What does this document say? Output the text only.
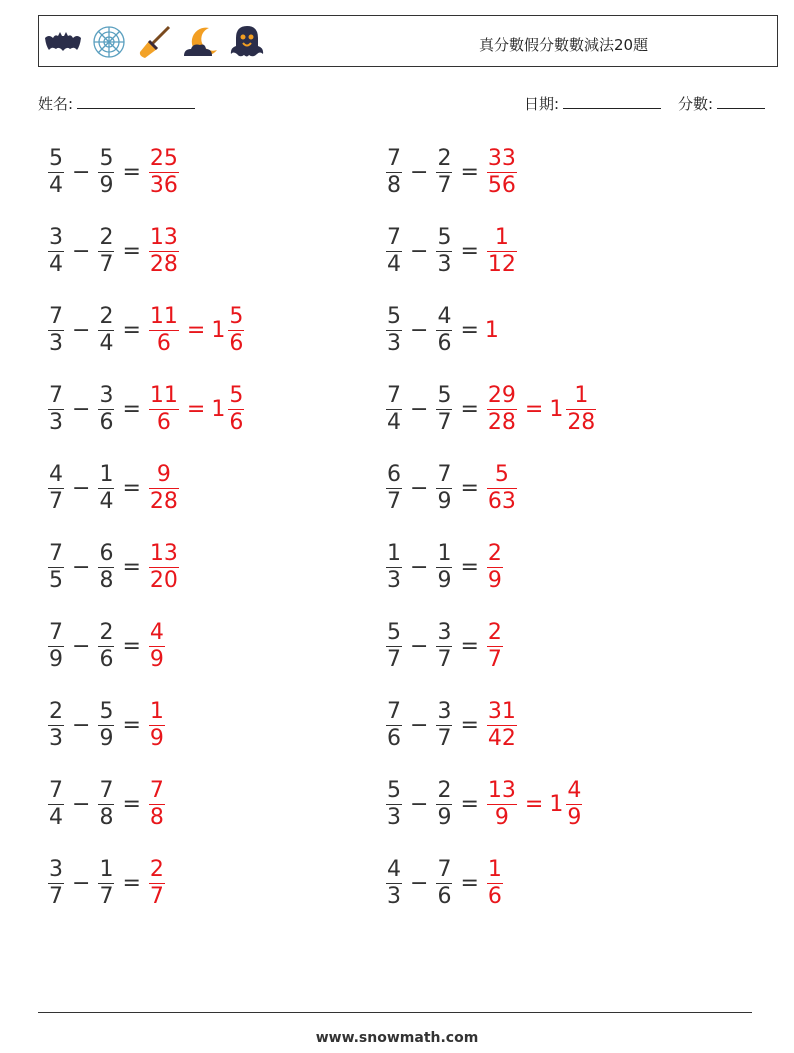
真分數假分數數減法20題
姓名:	日期:	分數:
$\frac{5}{4} - \frac{5}{9} = \frac{25}{36}$	$\frac{7}{8} - \frac{2}{7} = \frac{33}{56}$
$\frac{3}{4} - \frac{2}{7} = \frac{13}{28}$	$\frac{7}{4} - \frac{5}{3} = \frac{1}{12}$
$\frac{7}{3} - \frac{2}{4} = \frac{11}{6} = 1 \frac{5}{6}$	$\frac{5}{3} - \frac{4}{6} = 1$
$\frac{7}{3} - \frac{3}{6} = \frac{11}{6} = 1 \frac{5}{6}$	$\frac{7}{4} - \frac{5}{7} = \frac{29}{28} = 1 \frac{1}{28}$
$\frac{4}{7} - \frac{1}{4} = \frac{9}{28}$	$\frac{6}{7} - \frac{7}{9} = \frac{5}{63}$
$\frac{7}{5} - \frac{6}{8} = \frac{13}{20}$	$\frac{1}{3} - \frac{1}{9} = \frac{2}{9}$
$\frac{7}{9} - \frac{2}{6} = \frac{4}{9}$	$\frac{5}{7} - \frac{3}{7} = \frac{2}{7}$
$\frac{2}{3} - \frac{5}{9} = \frac{1}{9}$	$\frac{7}{6} - \frac{3}{7} = \frac{31}{42}$
$\frac{7}{4} - \frac{7}{8} = \frac{7}{8}$	$\frac{5}{3} - \frac{2}{9} = \frac{13}{9} = 1 \frac{4}{9}$
$\frac{3}{7} - \frac{1}{7} = \frac{2}{7}$	$\frac{4}{3} - \frac{7}{6} = \frac{1}{6}$
www.snowmath.com
